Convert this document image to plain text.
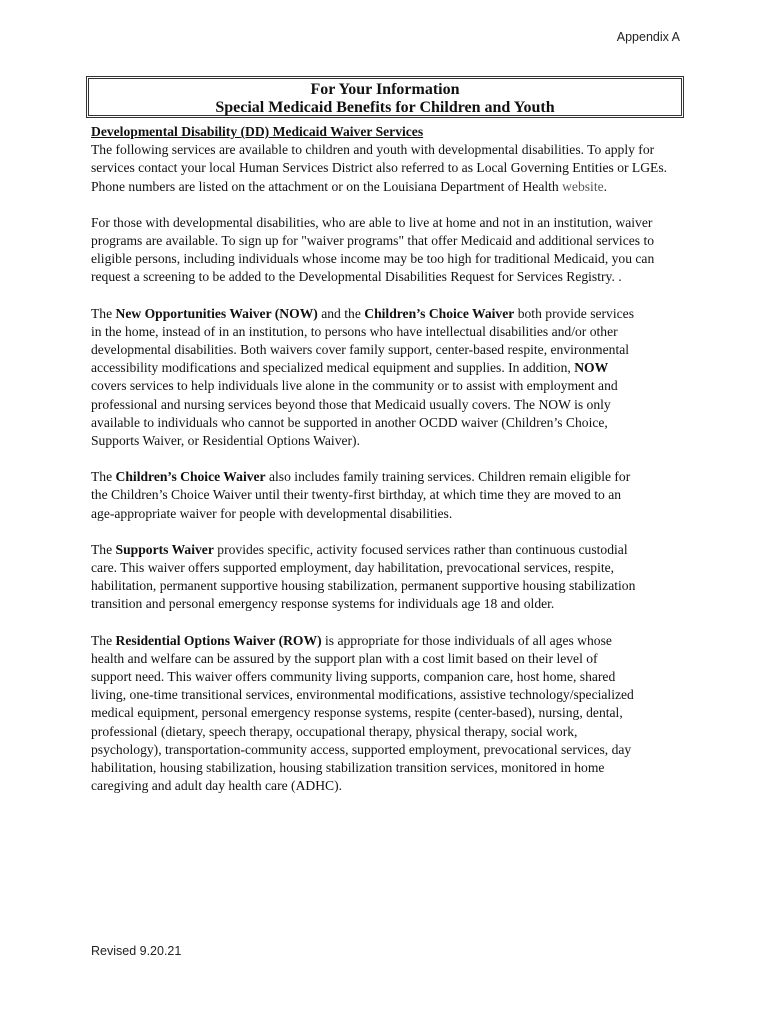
Appendix A
For Your Information
Special Medicaid Benefits for Children and Youth

Developmental Disability (DD) Medicaid Waiver Services

The following services are available to children and youth with developmental disabilities. To apply for services contact your local Human Services District also referred to as Local Governing Entities or LGEs. Phone numbers are listed on the attachment or on the Louisiana Department of Health website.

For those with developmental disabilities, who are able to live at home and not in an institution, waiver programs are available. To sign up for "waiver programs" that offer Medicaid and additional services to eligible persons, including individuals whose income may be too high for traditional Medicaid, you can request a screening to be added to the Developmental Disabilities Request for Services Registry. .

The New Opportunities Waiver (NOW) and the Children’s Choice Waiver both provide services in the home, instead of in an institution, to persons who have intellectual disabilities and/or other developmental disabilities. Both waivers cover family support, center-based respite, environmental accessibility modifications and specialized medical equipment and supplies. In addition, NOW covers services to help individuals live alone in the community or to assist with employment and professional and nursing services beyond those that Medicaid usually covers. The NOW is only available to individuals who cannot be supported in another OCDD waiver (Children’s Choice, Supports Waiver, or Residential Options Waiver).

The Children’s Choice Waiver also includes family training services. Children remain eligible for the Children’s Choice Waiver until their twenty-first birthday, at which time they are moved to an age-appropriate waiver for people with developmental disabilities.

The Supports Waiver provides specific, activity focused services rather than continuous custodial care. This waiver offers supported employment, day habilitation, prevocational services, respite, habilitation, permanent supportive housing stabilization, permanent supportive housing stabilization transition and personal emergency response systems for individuals age 18 and older.

The Residential Options Waiver (ROW) is appropriate for those individuals of all ages whose health and welfare can be assured by the support plan with a cost limit based on their level of support need. This waiver offers community living supports, companion care, host home, shared living, one-time transitional services, environmental modifications, assistive technology/specialized medical equipment, personal emergency response systems, respite (center-based), nursing, dental, professional (dietary, speech therapy, occupational therapy, physical therapy, social work, psychology), transportation-community access, supported employment, prevocational services, day habilitation, housing stabilization, housing stabilization transition services, monitored in home caregiving and adult day health care (ADHC).

Revised 9.20.21
